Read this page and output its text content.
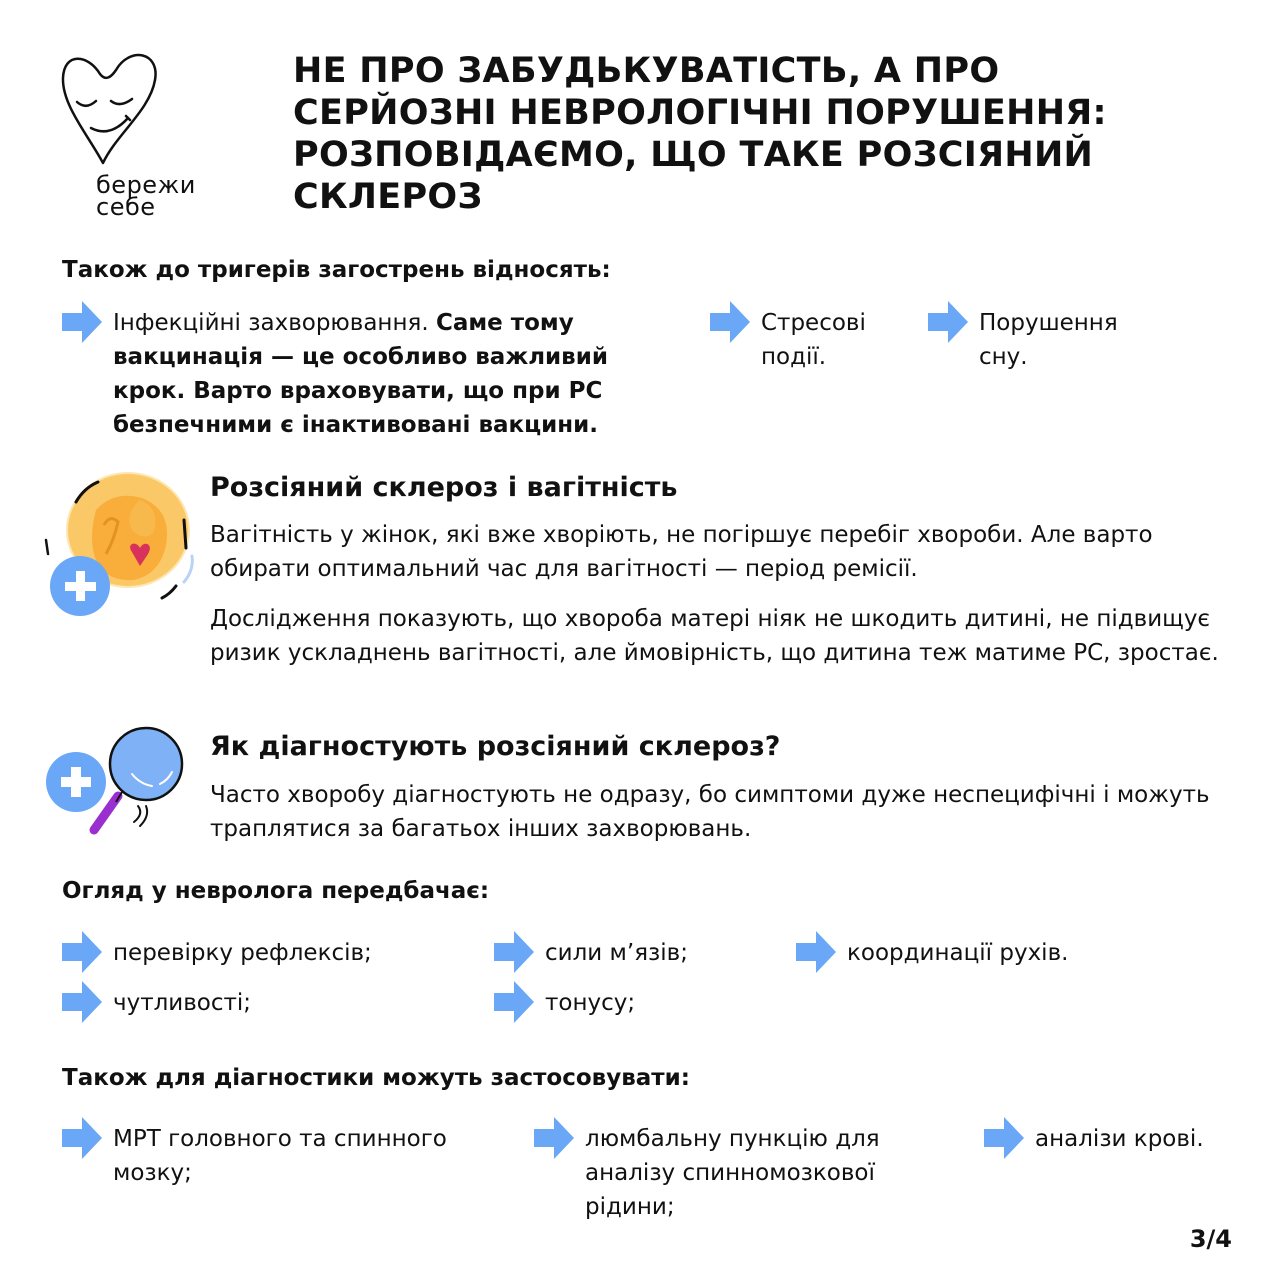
бережи
себе
НЕ ПРО ЗАБУДЬКУВАТІСТЬ, А ПРО СЕРЙОЗНІ НЕВРОЛОГІЧНІ ПОРУШЕННЯ: РОЗПОВІДАЄМО, ЩО ТАКЕ РОЗСІЯНИЙ СКЛЕРОЗ
Також до тригерів загострень відносять:
Інфекційні захворювання. Саме тому вакцинація — це особливо важливий крок. Варто враховувати, що при РС безпечними є інактивовані вакцини.
Стресові події.
Порушення сну.
Розсіяний склероз і вагітність

Вагітність у жінок, які вже хворіють, не погіршує перебіг хвороби. Але варто обирати оптимальний час для вагітності — період ремісії.

Дослідження показують, що хвороба матері ніяк не шкодить дитині, не підвищує ризик ускладнень вагітності, але ймовірність, що дитина теж матиме РС, зростає.

Як діагностують розсіяний склероз?

Часто хворобу діагностують не одразу, бо симптоми дуже неспецифічні і можуть траплятися за багатьох інших захворювань.

Огляд у невролога передбачає:
перевірку рефлексів;	сили м’язів;	координації рухів.
чутливості;	тонусу;
Також для діагностики можуть застосовувати:
МРТ головного та спинного мозку;
люмбальну пункцію для аналізу спинномозкової рідини;
аналізи крові.
3/4
